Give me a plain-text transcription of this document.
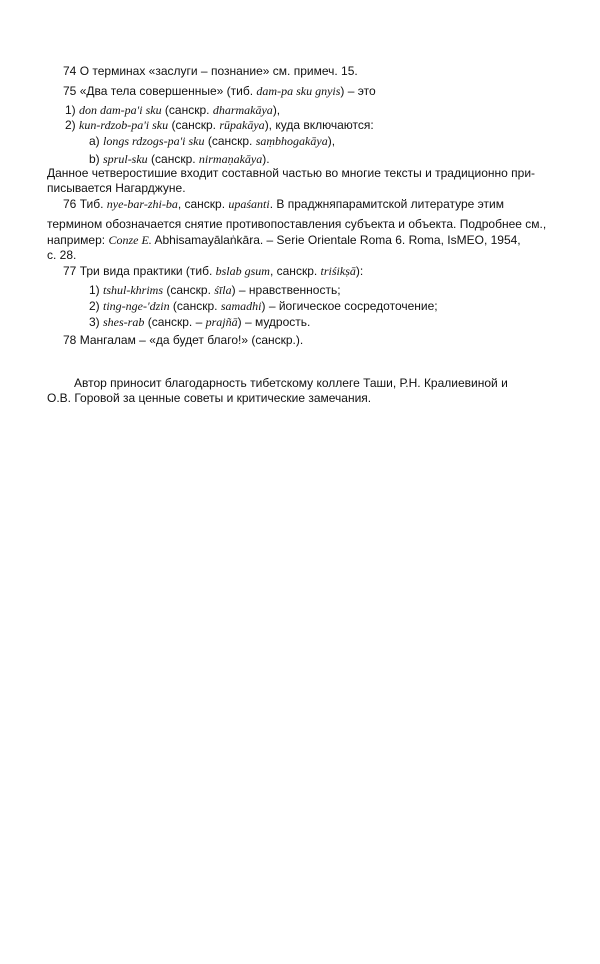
74 О терминах «заслуги – познание» см. примеч. 15.
75 «Два тела совершенные» (тиб. dam-pa sku gnyis) – это
1) don dam-pa'i sku (санскр. dharmakāya),
2) kun-rdzob-pa'i sku (санскр. rūpakāya), куда включаются:
a) longs rdzogs-pa'i sku (санскр. saṃbhogakāya),
b) sprul-sku (санскр. nirmaṇakāya).
Данное четверостишие входит составной частью во многие тексты и традиционно при-
писывается Нагарджуне.
76 Тиб. nye-bar-zhi-ba, санскр. upaśanti. В праджняпарамитской литературе этим
термином обозначается снятие противопоставления субъекта и объекта. Подробнее см.,
например: Conze E. Abhisamayālaṅkāra. – Serie Orientale Roma 6. Roma, IsMEO, 1954,
с. 28.
77 Три вида практики (тиб. bslab gsum, санскр. triśikṣā):
1) tshul-khrims (санскр. śīla) – нравственность;
2) ting-nge-'dzin (санскр. samadhi) – йогическое сосредоточение;
3) shes-rab (санскр. – prajñā) – мудрость.
78 Мангалам – «да будет благо!» (санскр.).
Автор приносит благодарность тибетскому коллеге Таши, Р.Н. Кралиевиной и
О.В. Горовой за ценные советы и критические замечания.
